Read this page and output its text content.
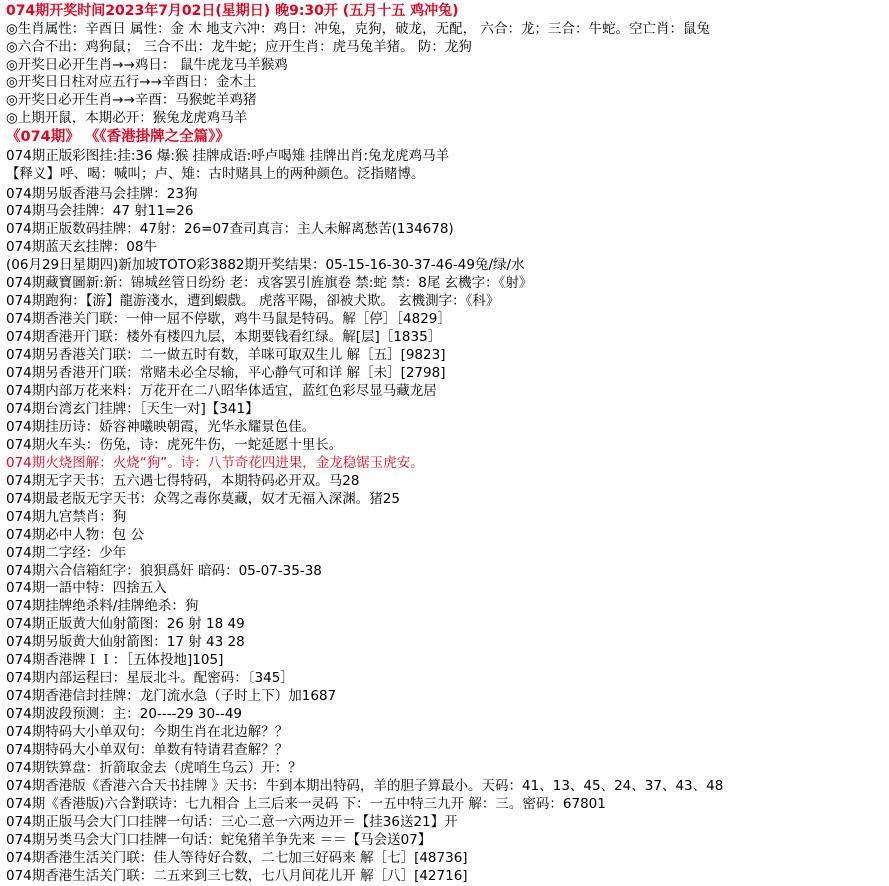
074期开奖时间2023年7月02日(星期日) 晚9:30开 (五月十五 鸡冲兔)
◎生肖属性：辛酉日 属性：金 木 地支六冲：鸡日：冲兔，克狗，破龙，无配， 六合：龙；三合：牛蛇。空亡肖：鼠兔
◎六合不出：鸡狗鼠； 三合不出：龙牛蛇；应开生肖：虎马兔羊猪。 防：龙狗
◎开奖日必开生肖→→鸡日： 鼠牛虎龙马羊猴鸡
◎开奖日日柱对应五行→→辛酉日：金木土
◎开奖日必开生肖→→辛酉：马猴蛇羊鸡猪
◎上期开鼠，本期必开：猴兔龙虎鸡马羊
《074期》 《《香港掛牌之全篇》》
074期正版彩图挂:挂:36 爆:猴 挂牌成语:呼卢喝雉 挂牌出肖:兔龙虎鸡马羊
【释义】呼、喝：喊叫；卢、雉：古时赌具上的两种颜色。泛指赌博。
074期另版香港马会挂牌：23狗
074期马会挂牌：47 射11=26
074期正版数码挂牌：47射：26=07查司真言：主人未解离愁苦(134678)
074期蓝天玄挂牌：08牛
(06月29日星期四)新加坡TOTO彩3882期开奖结果：05-15-16-30-37-46-49兔/绿/水
074期藏寶圖新:新：锦城丝管日纷纷 老：戎客罢引旌旗卷 禁:蛇 禁：8尾 玄機字：《射》
074期跑狗：【游】龍游淺水，遭到蝦戲。 虎落平陽，卻被犬欺。 玄機測字：《科》
074期香港关门联：一伸一屈不停歇，鸡牛马鼠是特码。解［停］［4829］
074期香港开门联：楼外有楼四九层，本期要钱看红绿。解[层]［1835］
074期另香港关门联：二一做五时有数，羊咪可取双生儿 解［五］[9823]
074期另香港开门联：常赌未必全尽输，平心静气可和详 解［未］[2798]
074期内部万花来料：万花开在二八昭华体适宜，蓝红色彩尽显马藏龙居
074期台湾玄门挂牌：［天生一对]【341】
074期挂历诗：娇容神曦映朝霞，光华永耀景色佳。
074期火车头：伤兔，诗：虎死牛伤，一蛇延愿十里长。
074期火烧图解：火烧“狗”。诗：八节奇花四进果，金龙稳锯玉虎安。
074期无字天书：五六遇七得特码，本期特码必开双。马28
074期最老版无字天书：众驾之毒你莫藏，奴才无福入深渊。猪25
074期九宫禁肖：狗
074期必中人物：包 公
074期二字经：少年
074期六合信箱紅字：狼狽爲奸 暗码：05-07-35-38
074期一語中特：四捨五入
074期挂牌绝杀料/挂牌绝杀：狗
074期正版黄大仙射箭图：26 射 18 49
074期另版黄大仙射箭图：17 射 43 28
074期香港牌ＩＩ：［五体投地]105]
074期内部运程曰：星辰北斗。配密码：〔345］
074期香港信封挂牌：龙门流水急（子时上下）加1687
074期波段预测：主：20----29 30--49
074期特码大小单双句：今期生肖在北边解？？
074期特码大小单双句：单数有特请君查解？？
074期铁算盘：折箭取金去（虎哨生乌云）开：？
074期香港版《香港六合天书挂牌 》天书：牛到本期出特码，羊的胆子算最小。天码：41、13、45、24、37、43、48
074期《香港版)六合對联诗：七九相合 上三后来一灵码 下：一五中特三九开 解：三。密码：67801
074期正版马会大门口挂牌一句话：三心二意一六两边开＝【挂36送21】开
074期另类马会大门口挂牌一句话：蛇兔猪羊争先来 ＝＝【马会送07】
074期香港生活关门联：佳人等待好合数，二七加三好码来 解［七］[48736]
074期香港生活关门联：二五来到三七数，七八月间花儿开 解［八］[42716]
